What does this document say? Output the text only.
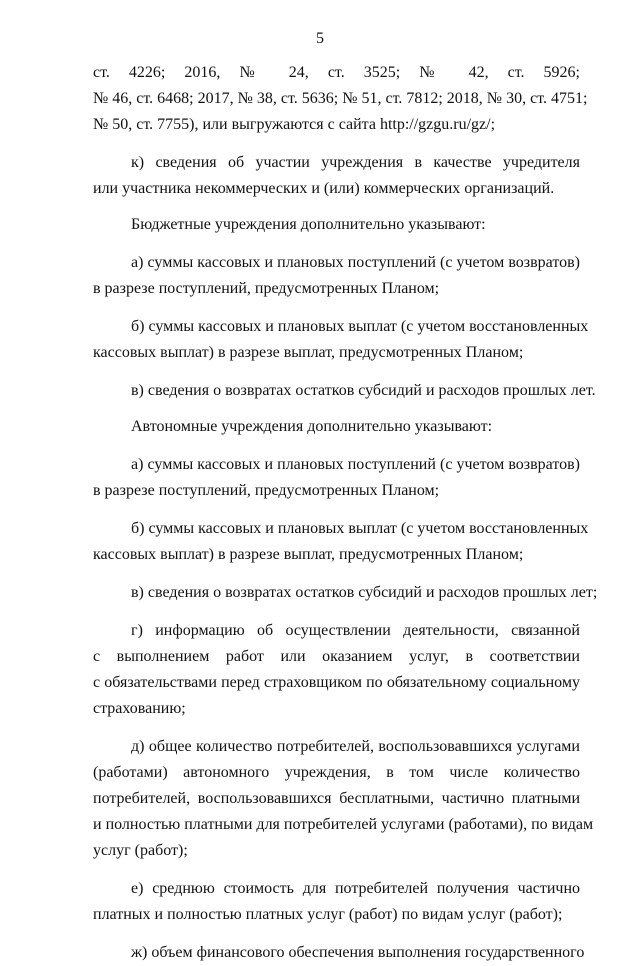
5
ст. 4226; 2016, № 24, ст. 3525; № 42, ст. 5926;
№ 46, ст. 6468; 2017, № 38, ст. 5636; № 51, ст. 7812; 2018, № 30, ст. 4751;
№ 50, ст. 7755), или выгружаются с сайта http://gzgu.ru/gz/;
к) сведения об участии учреждения в качестве учредителя
или участника некоммерческих и (или) коммерческих организаций.
Бюджетные учреждения дополнительно указывают:
а) суммы кассовых и плановых поступлений (с учетом возвратов)
в разрезе поступлений, предусмотренных Планом;
б) суммы кассовых и плановых выплат (с учетом восстановленных
кассовых выплат) в разрезе выплат, предусмотренных Планом;
в) сведения о возвратах остатков субсидий и расходов прошлых лет.
Автономные учреждения дополнительно указывают:
а) суммы кассовых и плановых поступлений (с учетом возвратов)
в разрезе поступлений, предусмотренных Планом;
б) суммы кассовых и плановых выплат (с учетом восстановленных
кассовых выплат) в разрезе выплат, предусмотренных Планом;
в) сведения о возвратах остатков субсидий и расходов прошлых лет;
г) информацию об осуществлении деятельности, связанной
с выполнением работ или оказанием услуг, в соответствии
с обязательствами перед страховщиком по обязательному социальному
страхованию;
д) общее количество потребителей, воспользовавшихся услугами
(работами) автономного учреждения, в том числе количество
потребителей, воспользовавшихся бесплатными, частично платными
и полностью платными для потребителей услугами (работами), по видам
услуг (работ);
е) среднюю стоимость для потребителей получения частично
платных и полностью платных услуг (работ) по видам услуг (работ);
ж) объем финансового обеспечения выполнения государственного
